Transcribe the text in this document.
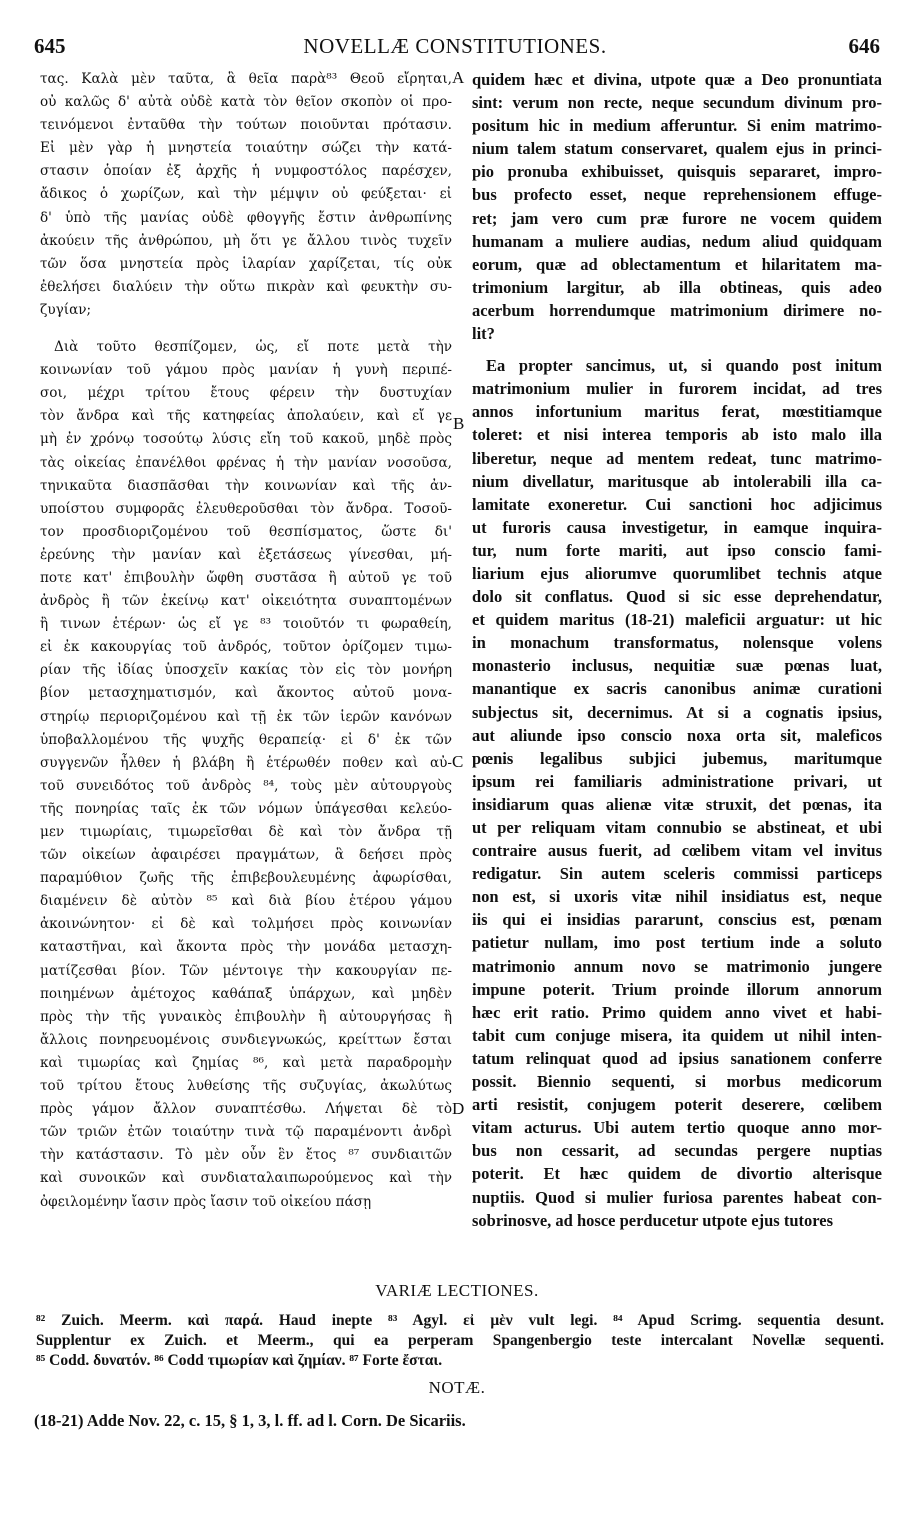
645	NOVELLÆ CONSTITUTIONES.	646
τας. Καλὰ μὲν ταῦτα, ἃ θεῖα παρὰ⁸³ Θεοῦ εἴρηται,
οὐ καλῶς δ' αὐτὰ οὐδὲ κατὰ τὸν θεῖον σκοπὸν οἱ προ-
τεινόμενοι ἐνταῦθα τὴν τούτων ποιοῦνται πρότασιν.
Εἰ μὲν γὰρ ἡ μνηστεία τοιαύτην σώζει τὴν κατά-
στασιν ὁποίαν ἐξ ἀρχῆς ἡ νυμφοστόλος παρέσχεν,
ἄδικος ὁ χωρίζων, καὶ τὴν μέμψιν οὐ φεύξεται· εἰ
δ' ὑπὸ τῆς μανίας οὐδὲ φθογγῆς ἔστιν ἀνθρωπίνης
ἀκούειν τῆς ἀνθρώπου, μὴ ὅτι γε ἄλλου τινὸς τυχεῖν
τῶν ὅσα μνηστεία πρὸς ἱλαρίαν χαρίζεται, τίς οὐκ
ἐθελήσει διαλύειν τὴν οὕτω πικρὰν καὶ φευκτὴν συ-
ζυγίαν;
Διὰ τοῦτο θεσπίζομεν, ὡς, εἴ ποτε μετὰ τὴν
κοινωνίαν τοῦ γάμου πρὸς μανίαν ἡ γυνὴ περιπέ-
σοι, μέχρι τρίτου ἔτους φέρειν τὴν δυστυχίαν
τὸν ἄνδρα καὶ τῆς κατηφείας ἀπολαύειν, καὶ εἴ γε
μὴ ἐν χρόνῳ τοσούτῳ λύσις εἴη τοῦ κακοῦ, μηδὲ πρὸς
τὰς οἰκείας ἐπανέλθοι φρένας ἡ τὴν μανίαν νοσοῦσα,
τηνικαῦτα διασπᾶσθαι τὴν κοινωνίαν καὶ τῆς ἀν-
υποίστου συμφορᾶς ἐλευθεροῦσθαι τὸν ἄνδρα. Τοσοῦ-
τον προσδιοριζομένου τοῦ θεσπίσματος, ὥστε δι'
ἐρεύνης τὴν μανίαν καὶ ἐξετάσεως γίνεσθαι, μή-
ποτε κατ' ἐπιβουλὴν ὤφθη συστᾶσα ἢ αὐτοῦ γε τοῦ
ἀνδρὸς ἢ τῶν ἐκείνῳ κατ' οἰκειότητα συναπτομένων
ἢ τινων ἑτέρων· ὡς εἴ γε ⁸³ τοιοῦτόν τι φωραθείη,
εἰ ἐκ κακουργίας τοῦ ἀνδρός, τοῦτον ὁρίζομεν τιμω-
ρίαν τῆς ἰδίας ὑποσχεῖν κακίας τὸν εἰς τὸν μονήρη
βίον μετασχηματισμόν, καὶ ἄκοντος αὐτοῦ μονα-
στηρίῳ περιοριζομένου καὶ τῇ ἐκ τῶν ἱερῶν κανόνων
ὑποβαλλομένου τῆς ψυχῆς θεραπείᾳ· εἰ δ' ἐκ τῶν
συγγενῶν ἦλθεν ἡ βλάβη ἢ ἑτέρωθέν ποθεν καὶ αὐ-
τοῦ συνειδότος τοῦ ἀνδρὸς ⁸⁴, τοὺς μὲν αὐτουργοὺς
τῆς πονηρίας ταῖς ἐκ τῶν νόμων ὑπάγεσθαι κελεύο-
μεν τιμωρίαις, τιμωρεῖσθαι δὲ καὶ τὸν ἄνδρα τῇ
τῶν οἰκείων ἀφαιρέσει πραγμάτων, ἃ δεήσει πρὸς
παραμύθιον ζωῆς τῆς ἐπιβεβουλευμένης ἀφωρίσθαι,
διαμένειν δὲ αὐτὸν ⁸⁵ καὶ διὰ βίου ἑτέρου γάμου
ἀκοινώνητον· εἰ δὲ καὶ τολμήσει πρὸς κοινωνίαν
καταστῆναι, καὶ ἄκοντα πρὸς τὴν μονάδα μετασχη-
ματίζεσθαι βίον. Τῶν μέντοιγε τὴν κακουργίαν πε-
ποιημένων ἀμέτοχος καθάπαξ ὑπάρχων, καὶ μηδὲν
πρὸς τὴν τῆς γυναικὸς ἐπιβουλὴν ἢ αὐτουργήσας ἢ
ἄλλοις πονηρευομένοις συνδιεγνωκώς, κρείττων ἔσται
καὶ τιμωρίας καὶ ζημίας ⁸⁶, καὶ μετὰ παραδρομὴν
τοῦ τρίτου ἔτους λυθείσης τῆς συζυγίας, ἀκωλύτως
πρὸς γάμον ἄλλον συναπτέσθω. Λήψεται δὲ τὸ
τῶν τριῶν ἐτῶν τοιαύτην τινὰ τῷ παραμένοντι ἀνδρὶ
τὴν κατάστασιν. Τὸ μὲν οὖν ἓν ἔτος ⁸⁷ συνδιαιτῶν
καὶ συνοικῶν καὶ συνδιαταλαιπωρούμενος καὶ τὴν
ὀφειλομένην ἴασιν πρὸς ἴασιν τοῦ οἰκείου πάσῃ
quidem hæc et divina, utpote quæ a Deo pronuntiata
sint: verum non recte, neque secundum divinum pro-
positum hic in medium afferuntur. Si enim matrimo-
nium talem statum conservaret, qualem ejus in princi-
pio pronuba exhibuisset, quisquis separaret, impro-
bus profecto esset, neque reprehensionem effuge-
ret; jam vero cum præ furore ne vocem quidem
humanam a muliere audias, nedum aliud quidquam
eorum, quæ ad oblectamentum et hilaritatem ma-
trimonium largitur, ab illa obtineas, quis adeo
acerbum horrendumque matrimonium dirimere no-
lit?
Ea propter sancimus, ut, si quando post initum
matrimonium mulier in furorem incidat, ad tres
annos infortunium maritus ferat, mœstitiamque
toleret: et nisi interea temporis ab isto malo illa
liberetur, neque ad mentem redeat, tunc matrimo-
nium divellatur, maritusque ab intolerabili illa ca-
lamitate exoneretur. Cui sanctioni hoc adjicimus
ut furoris causa investigetur, in eamque inquira-
tur, num forte mariti, aut ipso conscio fami-
liarium ejus aliorumve quorumlibet technis atque
dolo sit conflatus. Quod si sic esse deprehendatur,
et quidem maritus (18-21) maleficii arguatur: ut hic
in monachum transformatus, nolensque volens
monasterio inclusus, nequitiæ suæ pœnas luat,
manantique ex sacris canonibus animæ curationi
subjectus sit, decernimus. At si a cognatis ipsius,
aut aliunde ipso conscio noxa orta sit, maleficos
pœnis legalibus subjici jubemus, maritumque
ipsum rei familiaris administratione privari, ut
insidiarum quas alienæ vitæ struxit, det pœnas, ita
ut per reliquam vitam connubio se abstineat, et ubi
contraire ausus fuerit, ad cœlibem vitam vel invitus
redigatur. Sin autem sceleris commissi particeps
non est, si uxoris vitæ nihil insidiatus est, neque
iis qui ei insidias pararunt, conscius est, pœnam
patietur nullam, imo post tertium inde a soluto
matrimonio annum novo se matrimonio jungere
impune poterit. Trium proinde illorum annorum
hæc erit ratio. Primo quidem anno vivet et habi-
tabit cum conjuge misera, ita quidem ut nihil inten-
tatum relinquat quod ad ipsius sanationem conferre
possit. Biennio sequenti, si morbus medicorum
arti resistit, conjugem poterit deserere, cœlibem
vitam acturus. Ubi autem tertio quoque anno mor-
bus non cessarit, ad secundas pergere nuptias
poterit. Et hæc quidem de divortio alterisque
nuptiis. Quod si mulier furiosa parentes habeat con-
sobrinosve, ad hosce perducetur utpote ejus tutores
A
B
C
D
VARIÆ LECTIONES.
⁸² Zuich. Meerm. καὶ παρά. Haud inepte ⁸³ Agyl. εἰ μὲν vult legi. ⁸⁴ Apud Scrimg. sequentia desunt.
Supplentur ex Zuich. et Meerm., qui ea perperam Spangenbergio teste intercalant Novellæ sequenti.
⁸⁵ Codd. δυνατόν. ⁸⁶ Codd τιμωρίαν καὶ ζημίαν. ⁸⁷ Forte ἔσται.
NOTÆ.
(18-21) Adde Nov. 22, c. 15, § 1, 3, l. ff. ad l. Corn. De Sicariis.
